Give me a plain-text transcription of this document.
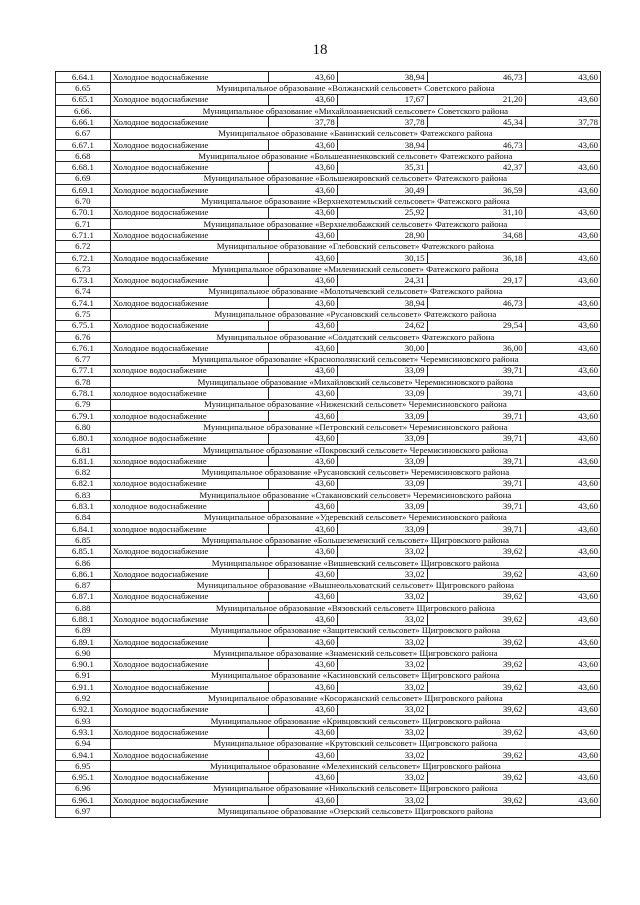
18
6.64.1	Холодное водоснабжение	43,60	38,94	46,73	43,60
6.65	Муниципальное образование «Волжанский сельсовет» Советского района				
6.65.1	Холодное водоснабжение	43,60	17,67	21,20	43,60
6.66.	Муниципальное образование «Михайлоанненский сельсовет» Советского района				
6.66.1	Холодное водоснабжение	37,78	37,78	45,34	37,78
6.67	Муниципальное образование «Банинский сельсовет» Фатежского района				
6.67.1	Холодное водоснабжение	43,60	38,94	46,73	43,60
6.68	Муниципальное образование «Большеанненковский сельсовет» Фатежского района				
6.68.1	Холодное водоснабжение	43,60	35,31	42,37	43,60
6.69	Муниципальное образование «Большежировский сельсовет» Фатежского района				
6.69.1	Холодное водоснабжение	43,60	30,49	36,59	43,60
6.70	Муниципальное образование «Верхнехотемльский сельсовет» Фатежского района				
6.70.1	Холодное водоснабжение	43,60	25,92	31,10	43,60
6.71	Муниципальное образование «Верхнелюбажский сельсовет» Фатежского района				
6.71.1	Холодное водоснабжение	43,60	28,90	34,68	43,60
6.72	Муниципальное образование «Глебовский сельсовет» Фатежского района				
6.72.1	Холодное водоснабжение	43,60	30,15	36,18	43,60
6.73	Муниципальное образование «Миленинский сельсовет» Фатежского района				
6.73.1	Холодное водоснабжение	43,60	24,31	29,17	43,60
6.74	Муниципальное образование «Молотычевский сельсовет» Фатежского района				
6.74.1	Холодное водоснабжение	43,60	38,94	46,73	43,60
6.75	Муниципальное образование «Русановский сельсовет» Фатежского района				
6.75.1	Холодное водоснабжение	43,60	24,62	29,54	43,60
6.76	Муниципальное образование «Солдатский сельсовет» Фатежского района				
6.76.1	Холодное водоснабжение	43,60	30,00	36,00	43,60
6.77	Муниципальное образование «Краснополянский сельсовет» Черемисиновского района				
6.77.1	холодное водоснабжение	43,60	33,09	39,71	43,60
6.78	Муниципальное образование «Михайловский сельсовет» Черемисиновского района				
6.78.1	холодное водоснабжение	43,60	33,09	39,71	43,60
6.79	Муниципальное образование «Ниженский сельсовет» Черемисиновского района				
6.79.1	холодное водоснабжение	43,60	33,09	39,71	43,60
6.80	Муниципальное образование «Петровский сельсовет» Черемисиновского района				
6.80.1	холодное водоснабжение	43,60	33,09	39,71	43,60
6.81	Муниципальное образование «Покровский сельсовет» Черемисиновского района				
6.81.1	холодное водоснабжение	43,60	33,09	39,71	43,60
6.82	Муниципальное образование «Русановский сельсовет» Черемисиновского района				
6.82.1	холодное водоснабжение	43,60	33,09	39,71	43,60
6.83	Муниципальное образование «Стакановский сельсовет» Черемисиновского района				
6.83.1	холодное водоснабжение	43,60	33,09	39,71	43,60
6.84	Муниципальное образование «Удеревский сельсовет» Черемисиновского района				
6.84.1	холодное водоснабжение	43,60	33,09	39,71	43,60
6.85	Муниципальное образование «Большеземенский сельсовет» Щигровского района				
6.85.1	Холодное водоснабжение	43,60	33,02	39,62	43,60
6.86	Муниципальное образование «Вишневский сельсовет» Щигровского района				
6.86.1	Холодное водоснабжение	43,60	33,02	39,62	43,60
6.87	Муниципальное образование «Вышнеольховатский сельсовет» Щигровского района				
6.87.1	Холодное водоснабжение	43,60	33,02	39,62	43,60
6.88	Муниципальное образование «Вязовский сельсовет» Щигровского района				
6.88.1	Холодное водоснабжение	43,60	33,02	39,62	43,60
6.89	Муниципальное образование «Защитенский сельсовет» Щигровского района				
6.89.1	Холодное водоснабжение	43,60	33,02	39,62	43,60
6.90	Муниципальное образование «Знаменский сельсовет» Щигровского района				
6.90.1	Холодное водоснабжение	43,60	33,02	39,62	43,60
6.91	Муниципальное образование «Касиновский сельсовет» Щигровского района				
6.91.1	Холодное водоснабжение	43,60	33,02	39,62	43,60
6.92	Муниципальное образование «Косоржанский сельсовет» Щигровского района				
6.92.1	Холодное водоснабжение	43,60	33,02	39,62	43,60
6.93	Муниципальное образование «Кривцовский сельсовет» Щигровского района				
6.93.1	Холодное водоснабжение	43,60	33,02	39,62	43,60
6.94	Муниципальное образование «Крутовский сельсовет» Щигровского района				
6.94.1	Холодное водоснабжение	43,60	33,02	39,62	43,60
6.95	Муниципальное образование «Мелехинский сельсовет» Щигровского района				
6.95.1	Холодное водоснабжение	43,60	33,02	39,62	43,60
6.96	Муниципальное образование «Никольский сельсовет» Щигровского района				
6.96.1	Холодное водоснабжение	43,60	33,02	39,62	43,60
6.97	Муниципальное образование «Озерский сельсовет» Щигровского района				
